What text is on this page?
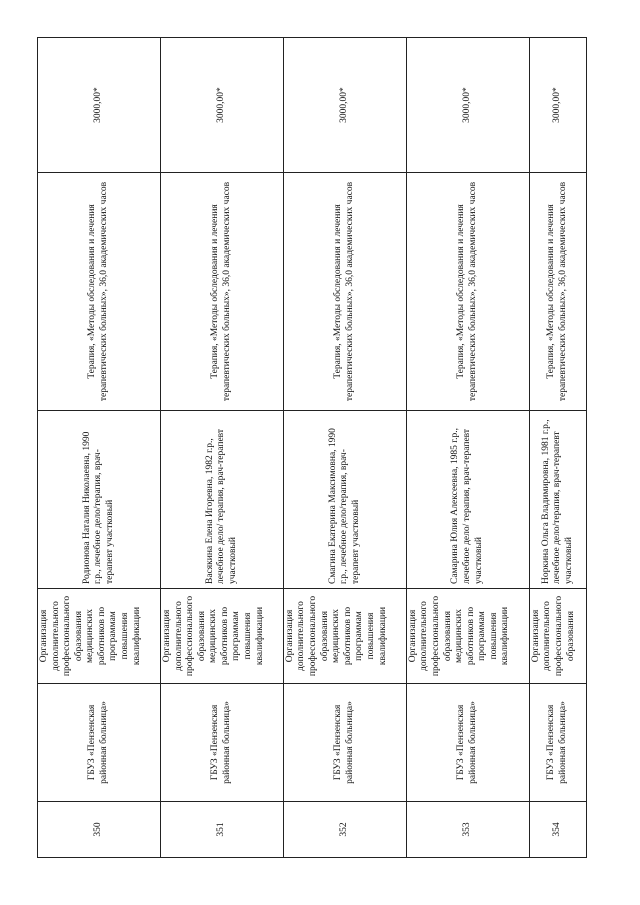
350	ГБУЗ «Пензенская районная больница»	Организация дополнительного профессионального образования медицинских работников по программам повышения квалификации	Родионова Наталия Николаевна, 1990 г.р., лечебное дело/терапия, врач-терапевт участковый	Терапия, «Методы обследования и лечения терапевтических больных», 36,0 академических часов	3000,00*
351	ГБУЗ «Пензенская районная больница»	Организация дополнительного профессионального образования медицинских работников по программам повышения квалификации	Васякина Елена Игоревна, 1982 г.р., лечебное дело/ терапия, врач-терапевт участковый	Терапия, «Методы обследования и лечения терапевтических больных», 36,0 академических часов	3000,00*
352	ГБУЗ «Пензенская районная больница»	Организация дополнительного профессионального образования медицинских работников по программам повышения квалификации	Смагина Екатерина Максимовна, 1990 г.р., лечебное дело/терапия, врач-терапевт участковый	Терапия, «Методы обследования и лечения терапевтических больных», 36,0 академических часов	3000,00*
353	ГБУЗ «Пензенская районная больница»	Организация дополнительного профессионального образования медицинских работников по программам повышения квалификации	Самарина Юлия Алексеевна, 1985 г.р., лечебное дело/ терапия, врач-терапевт участковый	Терапия, «Методы обследования и лечения терапевтических больных», 36,0 академических часов	3000,00*
354	ГБУЗ «Пензенская районная больница»	Организация дополнительного профессионального образования	Норкина Ольга Владимировна, 1981 г.р., лечебное дело/терапия, врач-терапевт участковый	Терапия, «Методы обследования и лечения терапевтических больных», 36,0 академических часов	3000,00*
